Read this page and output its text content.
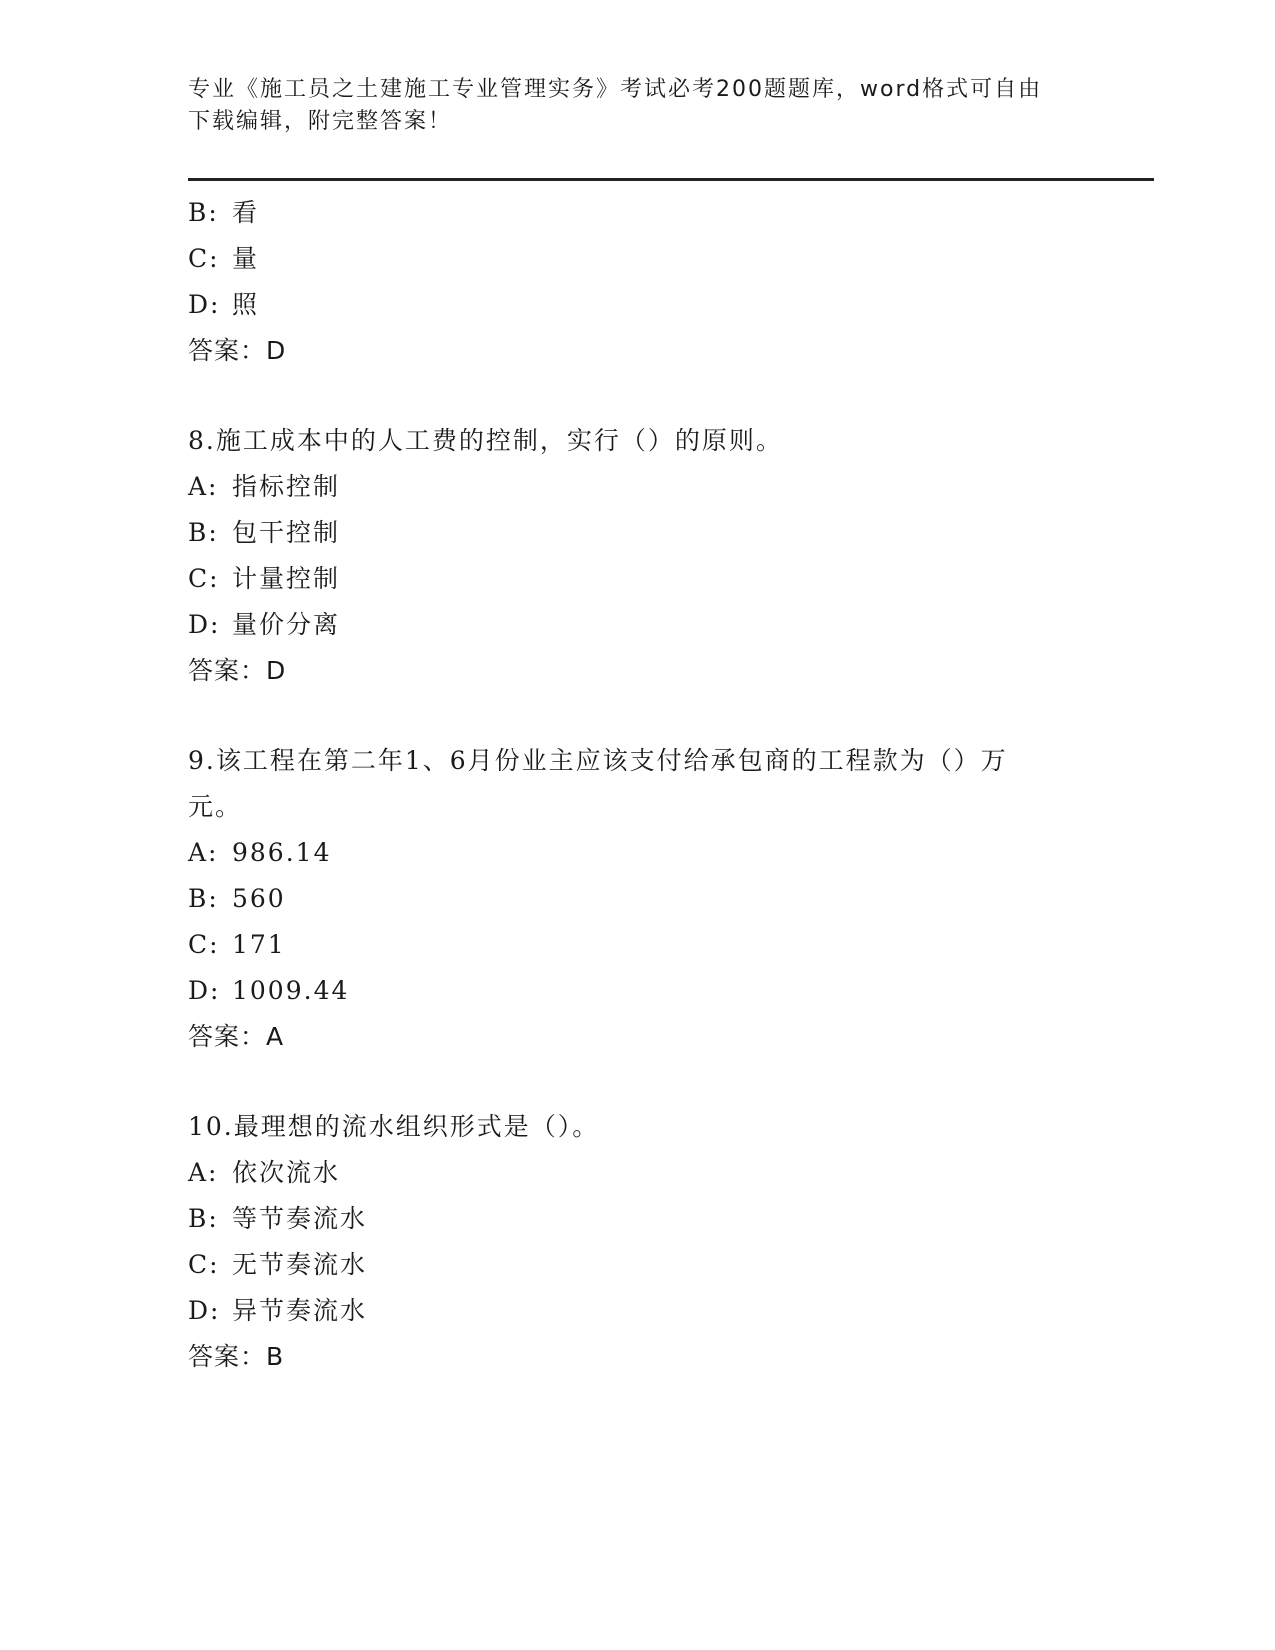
专业《施工员之土建施工专业管理实务》考试必考200题题库，word格式可自由
下载编辑，附完整答案！
B: 看
C: 量
D: 照
答案：D
8.施工成本中的人工费的控制，实行（）的原则。
A: 指标控制
B: 包干控制
C: 计量控制
D: 量价分离
答案：D
9.该工程在第二年1、6月份业主应该支付给承包商的工程款为（）万元。
A: 986.14
B: 560
C: 171
D: 1009.44
答案：A
10.最理想的流水组织形式是（）。
A: 依次流水
B: 等节奏流水
C: 无节奏流水
D: 异节奏流水
答案：B
